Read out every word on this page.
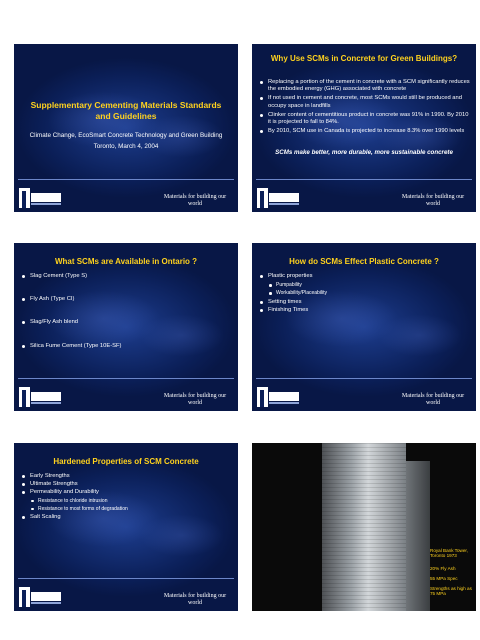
Supplementary Cementing Materials Standards and Guidelines
Climate Change, EcoSmart Concrete Technology and Green Building
Toronto, March 4, 2004
Materials for building our world
Why Use SCMs in Concrete for Green Buildings?
Replacing a portion of the cement in concrete with a SCM significantly reduces the embodied energy (GHG) associated with concrete
If not used in cement and concrete, most SCMs would still be produced and occupy space in landfills
Clinker content of cementitious product in concrete was 91% in 1990. By 2010 it is projected to fall to 84%.
By 2010, SCM use in Canada is projected to increase 8.3% over 1990 levels
SCMs make better, more durable, more sustainable concrete
Materials for building our world
What SCMs are Available in Ontario ?
Slag Cement (Type S)
Fly Ash (Type CI)
Slag/Fly Ash blend
Silica Fume Cement (Type 10E-SF)
Materials for building our world
How do SCMs Effect Plastic Concrete ?
Plastic properties
Pumpability
Workability/Placeability
Setting times
Finishing Times
Materials for building our world
Hardened Properties of SCM Concrete
Early Strengths
Ultimate Strengths
Permeability and Durability
Resistance to chloride intrusion
Resistance to most forms of degradation
Salt Scaling
Materials for building our world
Royal Bank Tower, Toronto 1973
20% Fly Ash
55 MPa Spec
Strengths as high as 75 MPa
